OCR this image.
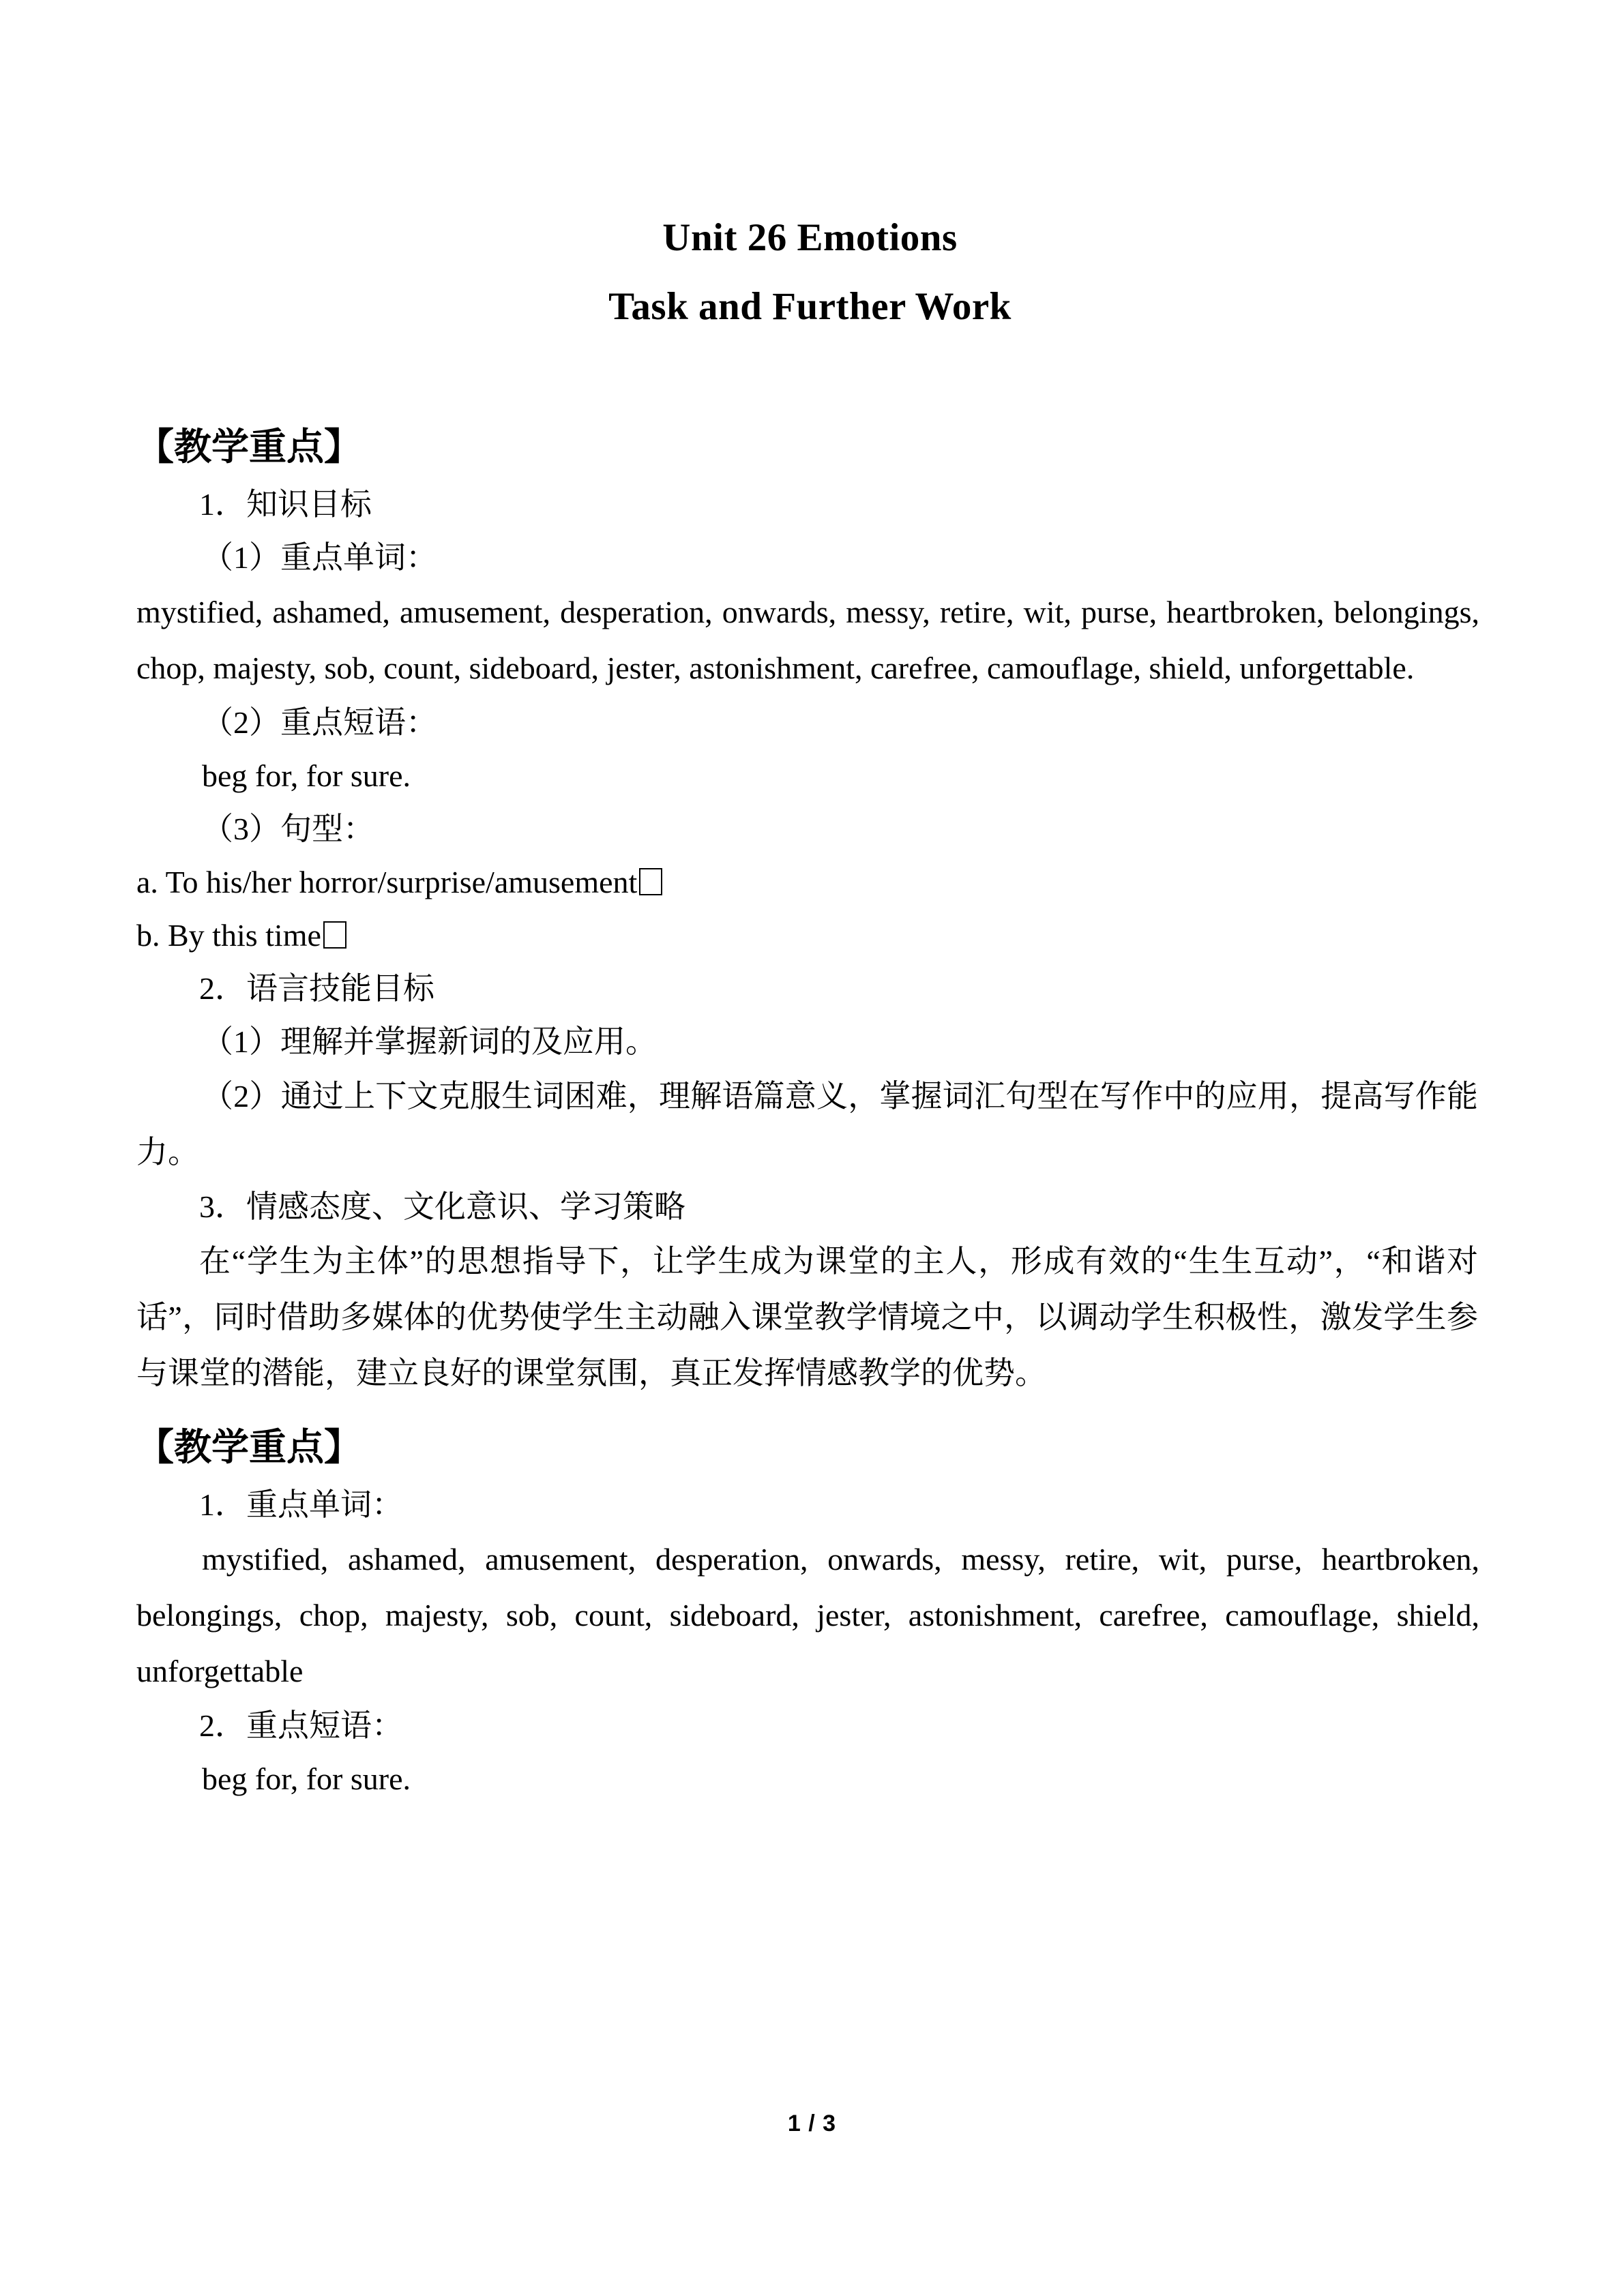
Unit 26 Emotions
Task and Further Work
【教学重点】
1．知识目标
（1）重点单词：
mystified, ashamed, amusement, desperation, onwards, messy, retire, wit, purse, heartbroken, belongings, chop, majesty, sob, count, sideboard, jester, astonishment, carefree, camouflage, shield, unforgettable.
（2）重点短语：
beg for, for sure.
（3）句型：
a. To his/her horror/surprise/amusement
b. By this time
2．语言技能目标
（1）理解并掌握新词的及应用。
（2）通过上下文克服生词困难，理解语篇意义，掌握词汇句型在写作中的应用，提高写作能力。
3．情感态度、文化意识、学习策略
在“学生为主体”的思想指导下，让学生成为课堂的主人，形成有效的“生生互动”，“和谐对话”，同时借助多媒体的优势使学生主动融入课堂教学情境之中，以调动学生积极性，激发学生参与课堂的潜能，建立良好的课堂氛围，真正发挥情感教学的优势。
【教学重点】
1．重点单词：
mystified, ashamed, amusement, desperation, onwards, messy, retire, wit, purse, heartbroken, belongings, chop, majesty, sob, count, sideboard, jester, astonishment, carefree, camouflage, shield, unforgettable
2．重点短语：
beg for, for sure.
1 / 3
